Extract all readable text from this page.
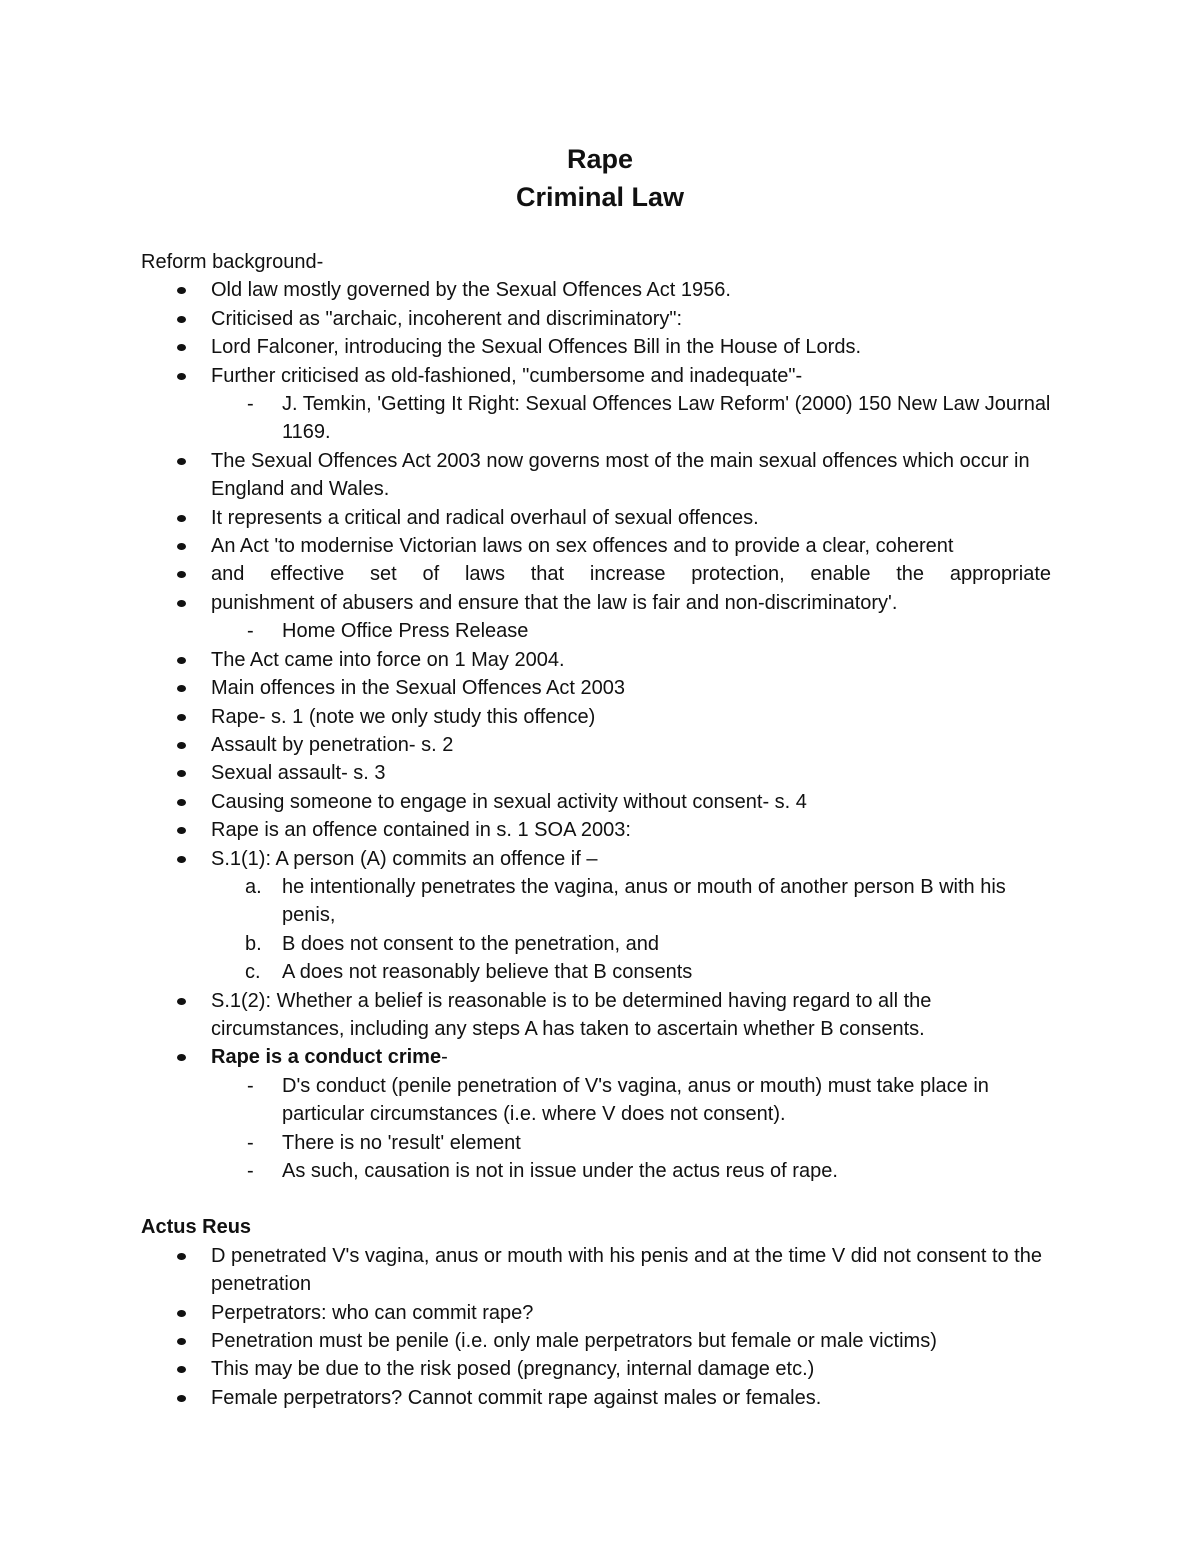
Rape
Criminal Law

Reform background-

Old law mostly governed by the Sexual Offences Act 1956.

Criticised as "archaic, incoherent and discriminatory":

Lord Falconer, introducing the Sexual Offences Bill in the House of Lords.

Further criticised as old-fashioned, "cumbersome and inadequate"-

- J. Temkin, 'Getting It Right: Sexual Offences Law Reform' (2000) 150 New Law Journal 1169.

The Sexual Offences Act 2003 now governs most of the main sexual offences which occur in England and Wales.

It represents a critical and radical overhaul of sexual offences.

An Act 'to modernise Victorian laws on sex offences and to provide a clear, coherent

and effective set of laws that increase protection, enable the appropriate

punishment of abusers and ensure that the law is fair and non-discriminatory'.

- Home Office Press Release

The Act came into force on 1 May 2004.

Main offences in the Sexual Offences Act 2003

Rape- s. 1 (note we only study this offence)

Assault by penetration- s. 2

Sexual assault- s. 3

Causing someone to engage in sexual activity without consent- s. 4

Rape is an offence contained in s. 1 SOA 2003:

S.1(1): A person (A) commits an offence if –

a. he intentionally penetrates the vagina, anus or mouth of another person B with his penis,
b. B does not consent to the penetration, and
c. A does not reasonably believe that B consents

S.1(2): Whether a belief is reasonable is to be determined having regard to all the circumstances, including any steps A has taken to ascertain whether B consents.

Rape is a conduct crime-

- D's conduct (penile penetration of V's vagina, anus or mouth) must take place in particular circumstances (i.e. where V does not consent).
- There is no 'result' element
- As such, causation is not in issue under the actus reus of rape.

Actus Reus

D penetrated V's vagina, anus or mouth with his penis and at the time V did not consent to the penetration

Perpetrators: who can commit rape?

Penetration must be penile (i.e. only male perpetrators but female or male victims)

This may be due to the risk posed (pregnancy, internal damage etc.)

Female perpetrators? Cannot commit rape against males or females.
